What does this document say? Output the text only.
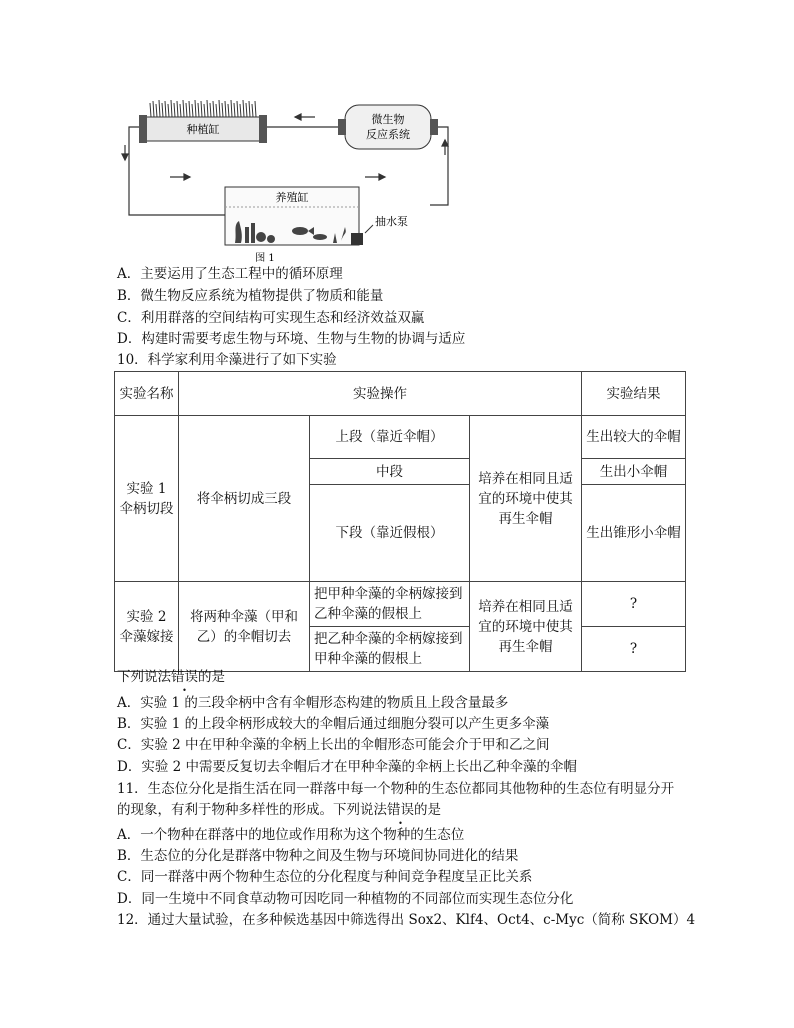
种植缸
微生物
反应系统
养殖缸
抽水泵
图 1
A．主要运用了生态工程中的循环原理
B．微生物反应系统为植物提供了物质和能量
C．利用群落的空间结构可实现生态和经济效益双赢
D．构建时需要考虑生物与环境、生物与生物的协调与适应
10．科学家利用伞藻进行了如下实验
实验名称	实验操作			实验结果
实验 1 伞柄切段	将伞柄切成三段	上段（靠近伞帽）	培养在相同且适宜的环境中使其再生伞帽	生出较大的伞帽
		中段		生出小伞帽
		下段（靠近假根）		生出锥形小伞帽
实验 2 伞藻嫁接	将两种伞藻（甲和乙）的伞帽切去	把甲种伞藻的伞柄嫁接到乙种伞藻的假根上	培养在相同且适宜的环境中使其再生伞帽	?
		把乙种伞藻的伞柄嫁接到甲种伞藻的假根上		?
下列说法错误的是
A．实验 1 的三段伞柄中含有伞帽形态构建的物质且上段含量最多
B．实验 1 的上段伞柄形成较大的伞帽后通过细胞分裂可以产生更多伞藻
C．实验 2 中在甲种伞藻的伞柄上长出的伞帽形态可能会介于甲和乙之间
D．实验 2 中需要反复切去伞帽后才在甲种伞藻的伞柄上长出乙种伞藻的伞帽
11．生态位分化是指生活在同一群落中每一个物种的生态位都同其他物种的生态位有明显分开
的现象，有利于物种多样性的形成。下列说法错误的是
A．一个物种在群落中的地位或作用称为这个物种的生态位
B．生态位的分化是群落中物种之间及生物与环境间协同进化的结果
C．同一群落中两个物种生态位的分化程度与种间竞争程度呈正比关系
D．同一生境中不同食草动物可因吃同一种植物的不同部位而实现生态位分化
12．通过大量试验，在多种候选基因中筛选得出 Sox2、Klf4、Oct4、c-Myc（简称 SKOM）4
